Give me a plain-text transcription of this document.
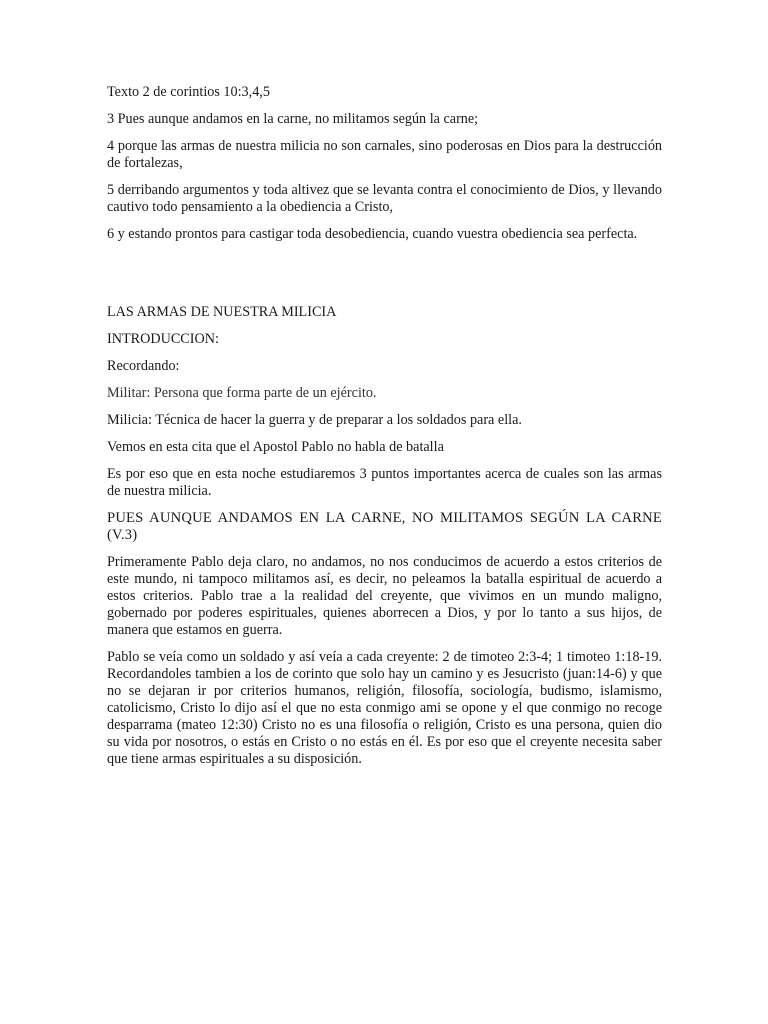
Texto 2 de corintios 10:3,4,5

3 Pues aunque andamos en la carne, no militamos según la carne;

4 porque las armas de nuestra milicia no son carnales, sino poderosas en Dios para la destrucción de fortalezas,

5 derribando argumentos y toda altivez que se levanta contra el conocimiento de Dios, y llevando cautivo todo pensamiento a la obediencia a Cristo,

6 y estando prontos para castigar toda desobediencia, cuando vuestra obediencia sea perfecta.

LAS ARMAS DE NUESTRA MILICIA

INTRODUCCION:

Recordando:

Militar: Persona que forma parte de un ejército.

Milicia: Técnica de hacer la guerra y de preparar a los soldados para ella.

Vemos en esta cita que el Apostol Pablo no habla de batalla

Es por eso que en esta noche estudiaremos 3 puntos importantes acerca de cuales son las armas de nuestra milicia.

PUES AUNQUE ANDAMOS EN LA CARNE, NO MILITAMOS SEGÚN LA CARNE (V.3)

Primeramente Pablo deja claro, no andamos, no nos conducimos de acuerdo a estos criterios de este mundo, ni tampoco militamos así, es decir, no peleamos la batalla espiritual de acuerdo a estos criterios. Pablo trae a la realidad del creyente, que vivimos en un mundo maligno, gobernado por poderes espirituales, quienes aborrecen a Dios, y por lo tanto a sus hijos, de manera que estamos en guerra.

Pablo se veía como un soldado y así veía a cada creyente: 2 de timoteo 2:3-4; 1 timoteo 1:18-19. Recordandoles tambien a los de corinto que solo hay un camino y es Jesucristo (juan:14-6) y que no se dejaran ir por criterios humanos, religión, filosofía, sociología, budismo, islamismo, catolicismo, Cristo lo dijo así el que no esta conmigo ami se opone y el que conmigo no recoge desparrama (mateo 12:30) Cristo no es una filosofía o religión, Cristo es una persona, quien dio su vida por nosotros, o estás en Cristo o no estás en él. Es por eso que el creyente necesita saber que tiene armas espirituales a su disposición.
